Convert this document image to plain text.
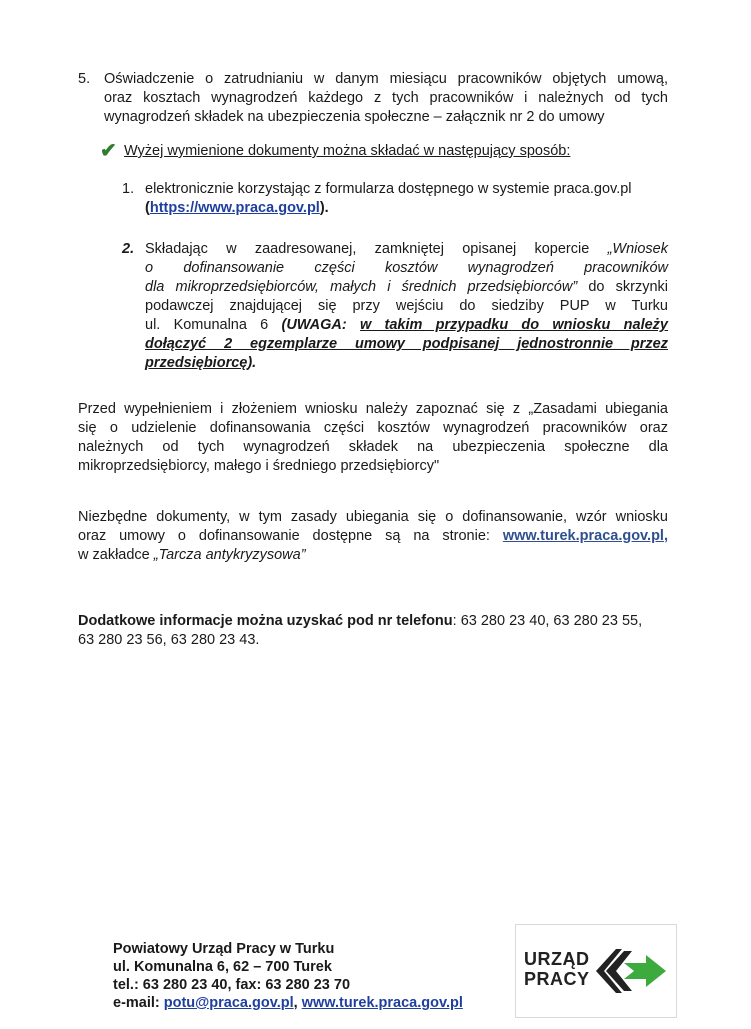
5. Oświadczenie o zatrudnianiu w danym miesiącu pracowników objętych umową,

oraz kosztach wynagrodzeń każdego z tych pracowników i należnych od tych

wynagrodzeń składek na ubezpieczenia społeczne – załącznik nr 2 do umowy

✔ Wyżej wymienione dokumenty można składać w następujący sposób:
1. elektronicznie korzystając z formularza dostępnego w systemie praca.gov.pl

(https://www.praca.gov.pl).

2. Składając w zaadresowanej, zamkniętej opisanej kopercie „Wniosek

o dofinansowanie części kosztów wynagrodzeń pracowników

dla mikroprzedsiębiorców, małych i średnich przedsiębiorców” do skrzynki

podawczej znajdującej się przy wejściu do siedziby PUP w Turku

ul. Komunalna 6 (UWAGA: w takim przypadku do wniosku należy

dołączyć 2 egzemplarze umowy podpisanej jednostronnie przez

przedsiębiorcę).

Przed wypełnieniem i złożeniem wniosku należy zapoznać się z „Zasadami ubiegania

się o udzielenie dofinansowania części kosztów wynagrodzeń pracowników oraz

należnych od tych wynagrodzeń składek na ubezpieczenia społeczne dla

mikroprzedsiębiorcy, małego i średniego przedsiębiorcy"

Niezbędne dokumenty, w tym zasady ubiegania się o dofinansowanie, wzór wniosku

oraz umowy o dofinansowanie dostępne są na stronie: www.turek.praca.gov.pl,

w zakładce „Tarcza antykryzysowa”

Dodatkowe informacje można uzyskać pod nr telefonu: 63 280 23 40, 63 280 23 55,

63 280 23 56, 63 280 23 43.

Powiatowy Urząd Pracy w Turku

ul. Komunalna 6, 62 – 700 Turek

tel.: 63 280 23 40, fax: 63 280 23 70

e-mail: potu@praca.gov.pl, www.turek.praca.gov.pl

URZĄD
PRACY
